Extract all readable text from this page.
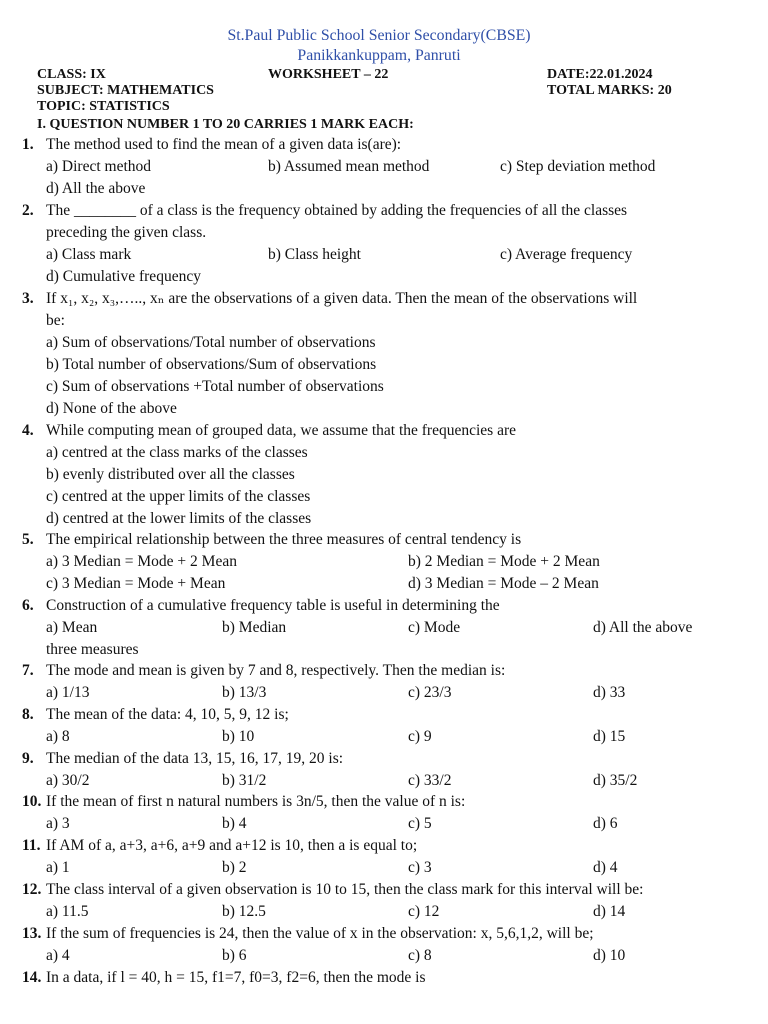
St.Paul Public School Senior Secondary(CBSE)
Panikkankuppam, Panruti
CLASS: IX	WORKSHEET – 22	DATE:22.01.2024
SUBJECT: MATHEMATICS	TOTAL MARKS: 20
TOPIC: STATISTICS
I. QUESTION NUMBER 1 TO 20 CARRIES 1 MARK EACH:
1. The method used to find the mean of a given data is(are):
a) Direct method	b) Assumed mean method	c) Step deviation method
d) All the above
2. The ________ of a class is the frequency obtained by adding the frequencies of all the classes
preceding the given class.
a) Class mark	b) Class height	c) Average frequency
d) Cumulative frequency
3. If x₁, x₂, x₃,….., xₙ are the observations of a given data. Then the mean of the observations will
be:
a) Sum of observations/Total number of observations
b) Total number of observations/Sum of observations
c) Sum of observations +Total number of observations
d) None of the above
4. While computing mean of grouped data, we assume that the frequencies are
a) centred at the class marks of the classes
b) evenly distributed over all the classes
c) centred at the upper limits of the classes
d) centred at the lower limits of the classes
5. The empirical relationship between the three measures of central tendency is
a) 3 Median = Mode + 2 Mean	b) 2 Median = Mode + 2 Mean
c) 3 Median = Mode + Mean	d) 3 Median = Mode – 2 Mean
6. Construction of a cumulative frequency table is useful in determining the
a) Mean	b) Median	c) Mode	d) All the above
three measures
7. The mode and mean is given by 7 and 8, respectively. Then the median is:
a) 1/13	b) 13/3	c) 23/3	d) 33
8. The mean of the data: 4, 10, 5, 9, 12 is;
a) 8	b) 10	c) 9	d) 15
9. The median of the data 13, 15, 16, 17, 19, 20 is:
a) 30/2	b) 31/2	c) 33/2	d) 35/2
10. If the mean of first n natural numbers is 3n/5, then the value of n is:
a) 3	b) 4	c) 5	d) 6
11. If AM of a, a+3, a+6, a+9 and a+12 is 10, then a is equal to;
a) 1	b) 2	c) 3	d) 4
12. The class interval of a given observation is 10 to 15, then the class mark for this interval will be:
a) 11.5	b) 12.5	c) 12	d) 14
13. If the sum of frequencies is 24, then the value of x in the observation: x, 5,6,1,2, will be;
a) 4	b) 6	c) 8	d) 10
14. In a data, if l = 40, h = 15, f1=7, f0=3, f2=6, then the mode is
